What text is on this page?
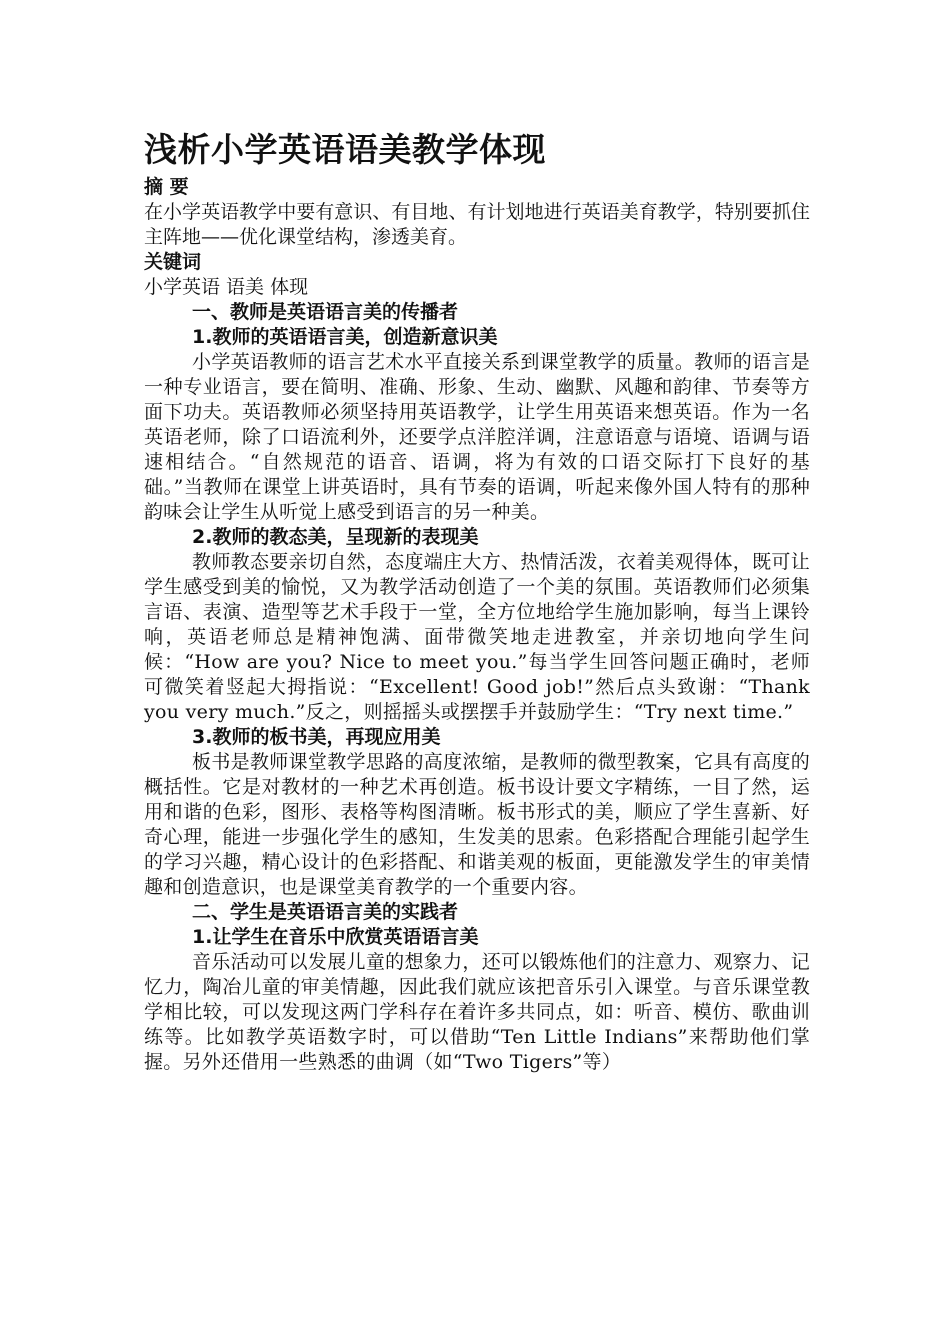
浅析小学英语语美教学体现

摘 要

在小学英语教学中要有意识、有目地、有计划地进行英语美育教学，特别要抓住主阵地——优化课堂结构，渗透美育。

关键词

小学英语 语美 体现

一、教师是英语语言美的传播者

1.教师的英语语言美，创造新意识美

小学英语教师的语言艺术水平直接关系到课堂教学的质量。教师的语言是一种专业语言，要在简明、准确、形象、生动、幽默、风趣和韵律、节奏等方面下功夫。英语教师必须坚持用英语教学，让学生用英语来想英语。作为一名英语老师，除了口语流利外，还要学点洋腔洋调，注意语意与语境、语调与语速相结合。“自然规范的语音、语调，将为有效的口语交际打下良好的基础。”当教师在课堂上讲英语时，具有节奏的语调，听起来像外国人特有的那种韵味会让学生从听觉上感受到语言的另一种美。

2.教师的教态美，呈现新的表现美

教师教态要亲切自然，态度端庄大方、热情活泼，衣着美观得体，既可让学生感受到美的愉悦，又为教学活动创造了一个美的氛围。英语教师们必须集言语、表演、造型等艺术手段于一堂，全方位地给学生施加影响，每当上课铃响，英语老师总是精神饱满、面带微笑地走进教室，并亲切地向学生问候：“How are you? Nice to meet you.”每当学生回答问题正确时，老师可微笑着竖起大拇指说：“Excellent! Good job!”然后点头致谢：“Thank you very much.”反之，则摇摇头或摆摆手并鼓励学生：“Try next time.”

3.教师的板书美，再现应用美

板书是教师课堂教学思路的高度浓缩，是教师的微型教案，它具有高度的概括性。它是对教材的一种艺术再创造。板书设计要文字精练，一目了然，运用和谐的色彩，图形、表格等构图清晰。板书形式的美，顺应了学生喜新、好奇心理，能进一步强化学生的感知，生发美的思索。色彩搭配合理能引起学生的学习兴趣，精心设计的色彩搭配、和谐美观的板面，更能激发学生的审美情趣和创造意识，也是课堂美育教学的一个重要内容。

二、学生是英语语言美的实践者

1.让学生在音乐中欣赏英语语言美

音乐活动可以发展儿童的想象力，还可以锻炼他们的注意力、观察力、记忆力，陶冶儿童的审美情趣，因此我们就应该把音乐引入课堂。与音乐课堂教学相比较，可以发现这两门学科存在着许多共同点，如：听音、模仿、歌曲训练等。比如教学英语数字时，可以借助“Ten Little Indians”来帮助他们掌握。另外还借用一些熟悉的曲调（如“Two Tigers”等）
